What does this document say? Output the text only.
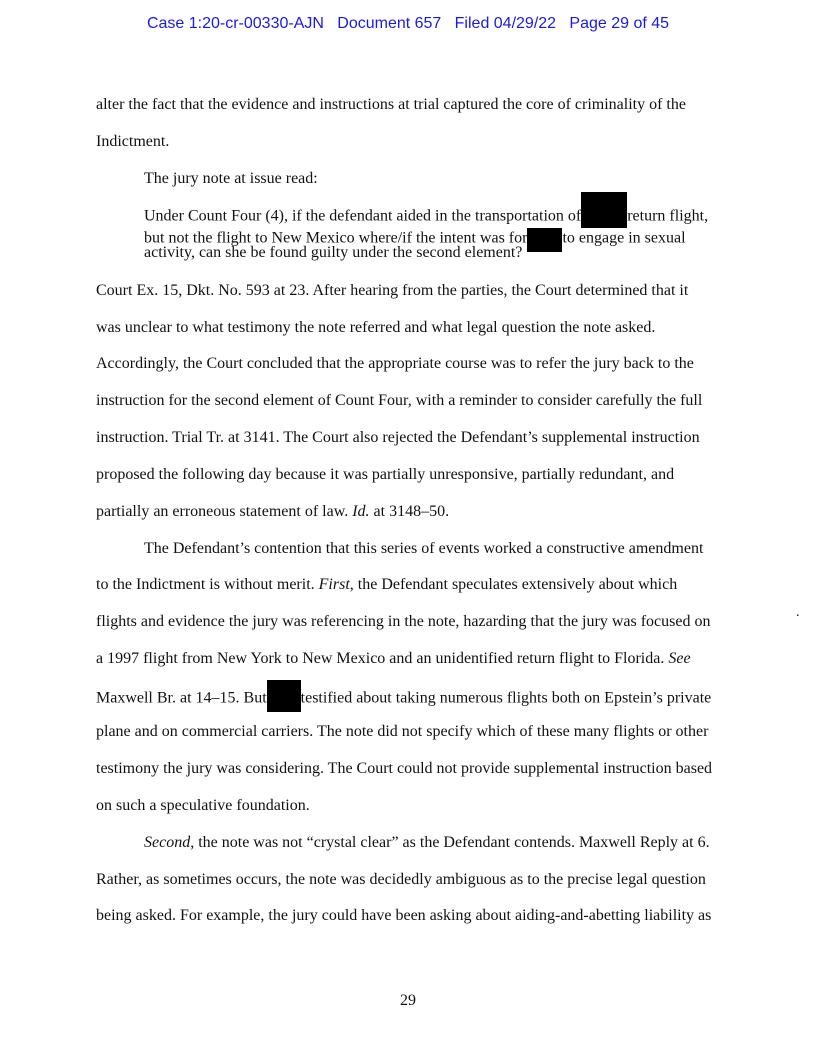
Case 1:20-cr-00330-AJN   Document 657   Filed 04/29/22   Page 29 of 45
alter the fact that the evidence and instructions at trial captured the core of criminality of the
Indictment.
The jury note at issue read:
Under Count Four (4), if the defendant aided in the transportation of	return flight,
but not the flight to New Mexico where/if the intent was for to engage in sexual
activity, can she be found guilty under the second element?
Court Ex. 15, Dkt. No. 593 at 23. After hearing from the parties, the Court determined that it
was unclear to what testimony the note referred and what legal question the note asked.
Accordingly, the Court concluded that the appropriate course was to refer the jury back to the
instruction for the second element of Count Four, with a reminder to consider carefully the full
instruction. Trial Tr. at 3141. The Court also rejected the Defendant’s supplemental instruction
proposed the following day because it was partially unresponsive, partially redundant, and
partially an erroneous statement of law. Id. at 3148–50.
The Defendant’s contention that this series of events worked a constructive amendment
to the Indictment is without merit. First, the Defendant speculates extensively about which
flights and evidence the jury was referencing in the note, hazarding that the jury was focused on
a 1997 flight from New York to New Mexico and an unidentified return flight to Florida. See
Maxwell Br. at 14–15. But testified about taking numerous flights both on Epstein’s private
plane and on commercial carriers. The note did not specify which of these many flights or other
testimony the jury was considering. The Court could not provide supplemental instruction based
on such a speculative foundation.
Second, the note was not “crystal clear” as the Defendant contends. Maxwell Reply at 6.
Rather, as sometimes occurs, the note was decidedly ambiguous as to the precise legal question
being asked. For example, the jury could have been asking about aiding-and-abetting liability as
.
29
